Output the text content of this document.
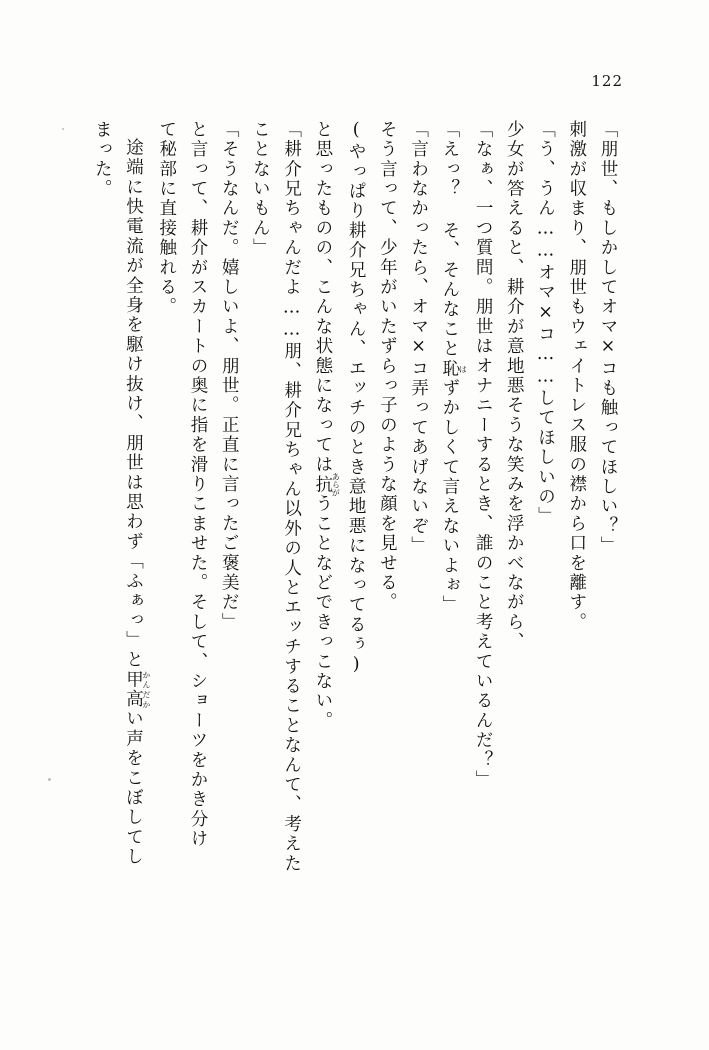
122
「朋世、もしかしてオマ×コも触ってほしい？」
刺激が収まり、朋世もウェイトレス服の襟から口を離す。
「う、うん……オマ×コ……してほしいの」
少女が答えると、耕介が意地悪そうな笑みを浮かべながら、
「なぁ、一つ質問。朋世はオナニーするとき、誰のこと考えているんだ？」
「えっ？ そ、そんなこと恥はずかしくて言えないよぉ」
「言わなかったら、オマ×コ弄ってあげないぞ」
そう言って、少年がいたずらっ子のような顔を見せる。
(やっぱり耕介兄ちゃん、エッチのとき意地悪になってるぅ)
と思ったものの、こんな状態になっては抗あらがうことなどできっこない。
「耕介兄ちゃんだよ……朋、耕介兄ちゃん以外の人とエッチすることなんて、考えた
ことないもん」
「そうなんだ。嬉しいよ、朋世。正直に言ったご褒美だ」
と言って、耕介がスカートの奥に指を滑りこませた。そして、ショーツをかき分け
て秘部に直接触れる。
途端に快電流が全身を駆け抜け、朋世は思わず「ふぁっ」と甲高かんだかい声をこぼしてし
まった。
